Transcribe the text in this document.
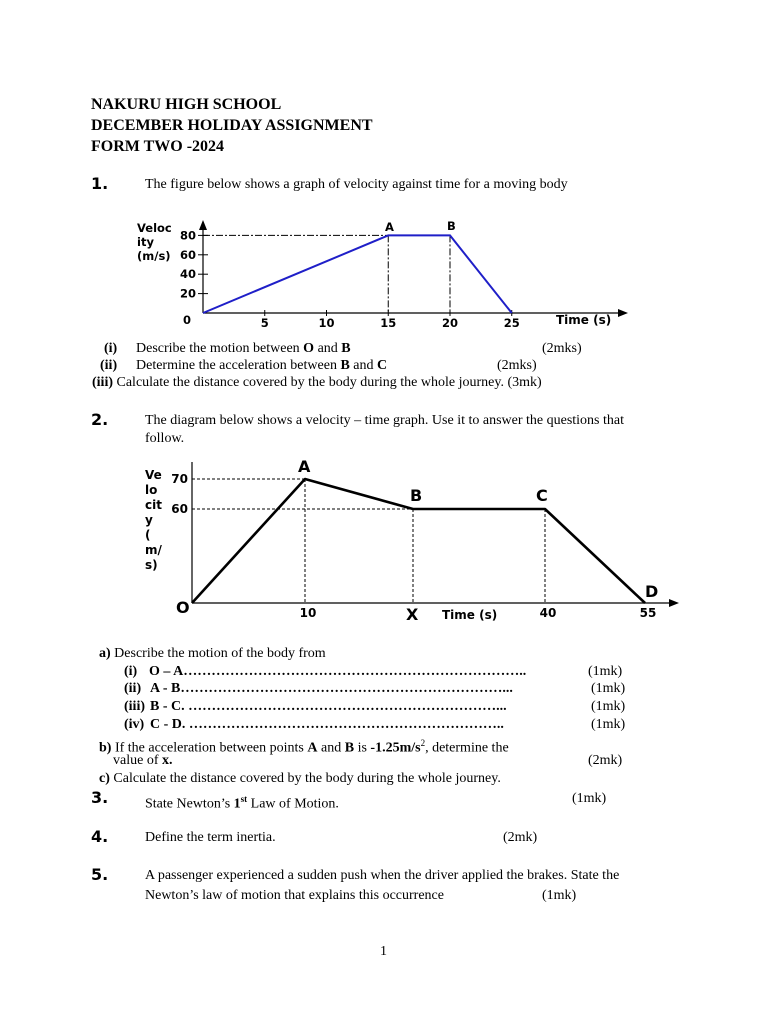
NAKURU HIGH SCHOOL
DECEMBER HOLIDAY ASSIGNMENT
FORM TWO -2024
1.	The figure below shows a graph of velocity against time for a moving body
20
40
60
80
5	10	15	20	25
Veloc
ity
(m/s)
Time (s)
0
A	B
(i) Describe the motion between O and B	(2mks)
(ii) Determine the acceleration between B and C	(2mks)
(iii) Calculate the distance covered by the body during the whole journey. (3mk)
2.	The diagram below shows a velocity – time graph. Use it to answer the questions that
follow.
60
70
10	40	55
Ve
lo
cit
y
(
m/
s)
O
A
B	C
D
X Time (s)
a) Describe the motion of the body from
(i) O – A………………………………………………………………..	(1mk)
(ii) A - B……………………………………………………………...	(1mk)
(iii) B - C. …………………………………………………………...	(1mk)
(iv) C - D. …………………………………………………………..	(1mk)
b) If the acceleration between points A and B is $-1.25m/s^2$, determine the
value of x.	(2mk)
c) Calculate the distance covered by the body during the whole journey.
3.	State Newton’s 1st Law of Motion.	(1mk)
4.	Define the term inertia.	(2mk)
5.	A passenger experienced a sudden push when the driver applied the brakes. State the
Newton’s law of motion that explains this occurrence	(1mk)
1
